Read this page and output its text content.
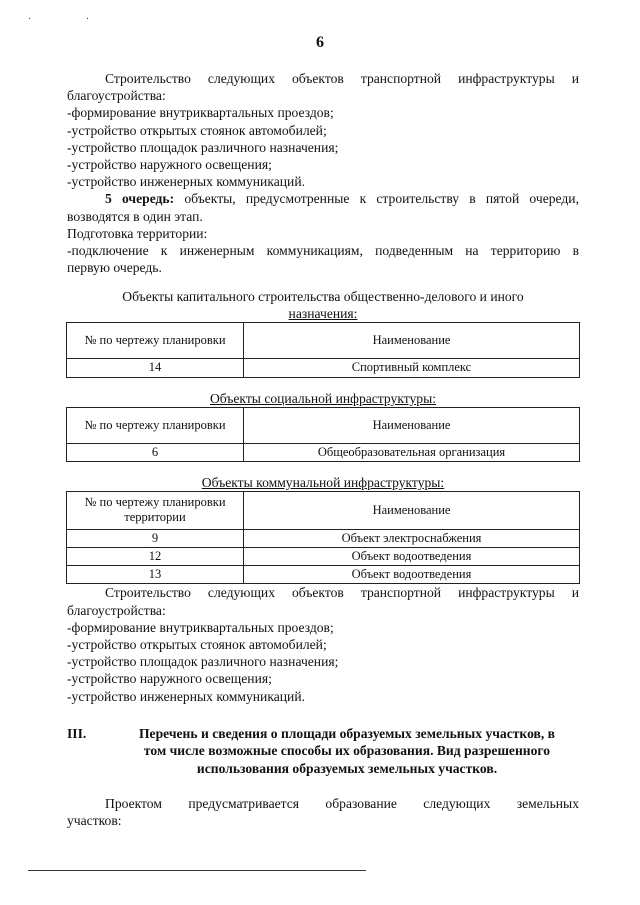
· ·
6

Строительство следующих объектов транспортной инфраструктуры и

благоустройства:

-формирование внутриквартальных проездов;

-устройство открытых стоянок автомобилей;

-устройство площадок различного назначения;

-устройство наружного освещения;

-устройство инженерных коммуникаций.

5 очередь: объекты, предусмотренные к строительству в пятой очереди,

возводятся в один этап.

Подготовка территории:

-подключение к инженерным коммуникациям, подведенным на территорию в

первую очередь.

Объекты капитального строительства общественно-делового и иного

назначения:

№ по чертежу планировки	Наименование
14	Спортивный комплекс

Объекты социальной инфраструктуры:

№ по чертежу планировки	Наименование
6	Общеобразовательная организация

Объекты коммунальной инфраструктуры:

№ по чертежу планировки территории	Наименование
9	Объект электроснабжения
12	Объект водоотведения
13	Объект водоотведения

Строительство следующих объектов транспортной инфраструктуры и

благоустройства:

-формирование внутриквартальных проездов;

-устройство открытых стоянок автомобилей;

-устройство площадок различного назначения;

-устройство наружного освещения;

-устройство инженерных коммуникаций.

III.	Перечень и сведения о площади образуемых земельных участков, в
том числе возможные способы их образования. Вид разрешенного
использования образуемых земельных участков.

Проектом предусматривается образование следующих земельных

участков:
